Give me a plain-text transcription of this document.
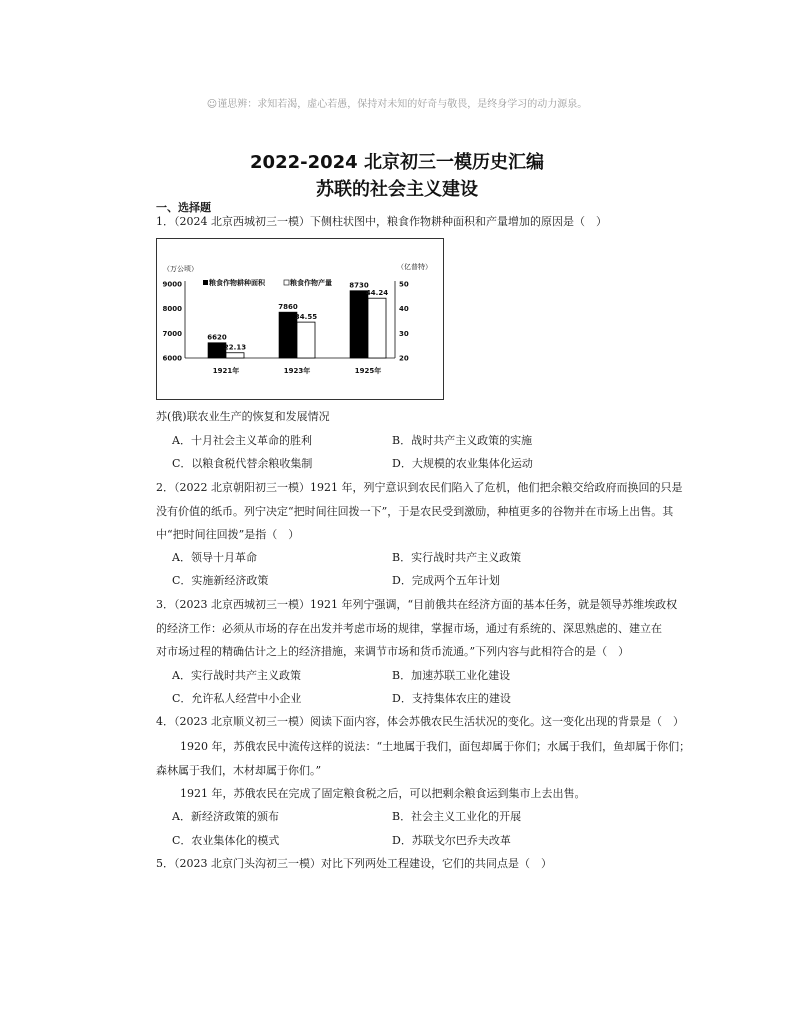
☺谨思辨：求知若渴，虚心若愚，保持对未知的好奇与敬畏，是终身学习的动力源泉。
2022-2024 北京初三一模历史汇编
苏联的社会主义建设
一、选择题
1．（2024 北京西城初三一模）下侧柱状图中，粮食作物耕种面积和产量增加的原因是（　）
9000
8000
7000
6000
50
40
30
20
6620
22.13
1921年
7860
34.55
1923年
8730
44.24
1925年
（万公顷）	（亿普特）
粮食作物耕种面积	粮食作物产量
苏(俄)联农业生产的恢复和发展情况
A．十月社会主义革命的胜利	B．战时共产主义政策的实施
C．以粮食税代替余粮收集制	D．大规模的农业集体化运动
2．（2022 北京朝阳初三一模）1921 年，列宁意识到农民们陷入了危机，他们把余粮交给政府而换回的只是
没有价值的纸币。列宁决定“把时间往回拨一下”，于是农民受到激励，种植更多的谷物并在市场上出售。其
中“把时间往回拨”是指（　）
A．领导十月革命	B．实行战时共产主义政策
C．实施新经济政策	D．完成两个五年计划
3．（2023 北京西城初三一模）1921 年列宁强调，“目前俄共在经济方面的基本任务，就是领导苏维埃政权
的经济工作：必须从市场的存在出发并考虑市场的规律，掌握市场，通过有系统的、深思熟虑的、建立在
对市场过程的精确估计之上的经济措施，来调节市场和货币流通。”下列内容与此相符合的是（　）
A．实行战时共产主义政策	B．加速苏联工业化建设
C．允许私人经营中小企业	D．支持集体农庄的建设
4．（2023 北京顺义初三一模）阅读下面内容，体会苏俄农民生活状况的变化。这一变化出现的背景是（　）
1920 年，苏俄农民中流传这样的说法：“土地属于我们，面包却属于你们；水属于我们，鱼却属于你们；
森林属于我们，木材却属于你们。”
1921 年，苏俄农民在完成了固定粮食税之后，可以把剩余粮食运到集市上去出售。
A．新经济政策的颁布	B．社会主义工业化的开展
C．农业集体化的模式	D．苏联戈尔巴乔夫改革
5．（2023 北京门头沟初三一模）对比下列两处工程建设，它们的共同点是（　）
